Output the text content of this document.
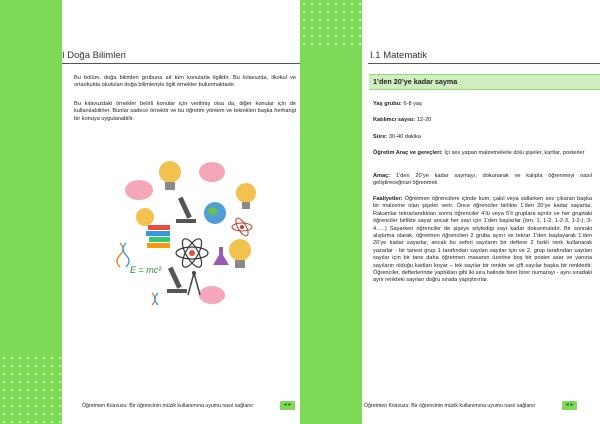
I Doğa Bilimleri
Bu bölüm, doğa bilimleri grubuna ait tüm konularla ilgilidir. Bu kılavuzda, ilkokul ve ortaokulda okutulan doğa bilimleriyle ilgili örnekler bulunmaktadır.
Bu kılavuzdaki örnekler belirli konular için verilmiş olsa da, diğer konular için de kullanılabilirler. Bunlar sadece örnektir ve bu öğretim yöntem ve teknikleri başka herhangi bir konuya uygulanabilir.
E = mc²
I.1 Matematik
1’den 20’ye kadar sayma
Yaş grubu: 6-8 yaş
Katılımcı sayısı: 12-20
Süre: 30-40 dakika
Öğretim Araç ve gereçleri: İçi ses yapan malzemelerle dolu şişeler, kartlar, posterler
Amaç: 1’den 20’ye kadar saymayı, dokunarak ve kalıpla öğrenmeyi nasıl geliştireceğinizi öğrenmek
Faaliyetler: Öğretmen öğrencilere içinde kum, çakıl veya sallarken ses çıkaran başka bir malzeme olan şişeler verir. Önce öğrenciler birlikte 1’den 20’ye kadar sayarlar. Rakamlar tekrarlandıktan sonra öğrenciler 4’lü veya 5’li gruplara ayrılır ve her gruptaki öğrenciler birlikte sayar ancak her sayı için 1’den başlarlar (örn. 1, 1-2, 1-2-3, 1-2-), 3-4…..) Sayarken öğrenciler de şişeye söyledigi sayı kadar dokunmalıdır. Bir sonraki alıştırma olarak, öğretmen öğrencileri 2 gruba ayırır ve tekrar 1’den başlayarak 1’den 20’ye kadar sayarlar, ancak bu seferi sayıların bir defterе 2 farklı renk kullanarak yazarlar - bir tanesi grup 1 tarafından sayılan sayılar için ve 2. grup tarafından sayılan sayılar için bir tane daha öğretmen masanın üzerine boş bir poster asar ve yanına sayıların olduğu kartları koyar – tek sayılar bir renkte ve çift sayılar başka bir renktedir. Öğrenciler, defterlerinde yaptıkları gibi iki sıra halinde birer birer numarayı - aynı sıradaki aynı renkteki sayıları doğru sırada yapıştırırlar.
Öğretmen Kılavuzu: Bir öğrencinin müzik kullanımına uyumu nasıl sağlanır	◂ ▸	Öğretmen Kılavuzu: Bir öğrencinin müzik kullanımına uyumu nasıl sağlanır	◂ ▸
